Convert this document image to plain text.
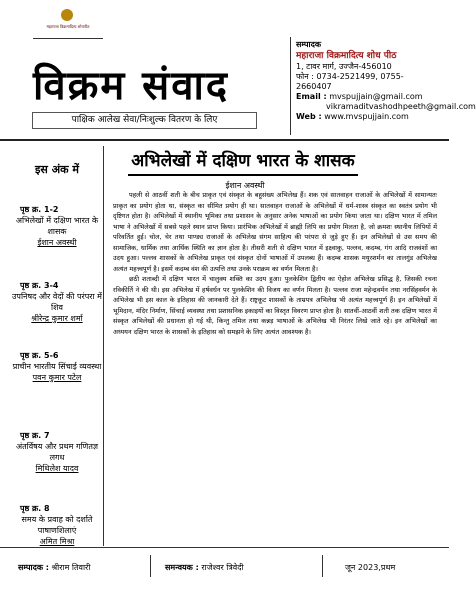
महाराजा विक्रमादित्य शोधपीठ
विक्रम संवाद
पाक्षिक आलेख सेवा/निःशुल्क वितरण के लिए
सम्पादक
महाराजा विक्रमादित्य शोध पीठ
1, टावर मार्ग, उज्जैन-456010
फोन : 0734-2521499, 0755-2660407
Email : mvspujjain@gmail.com
vikramaditvashodhpeeth@gmail.com
Web : www.mvspujjain.com
इस अंक में
पृष्ठ क्र. 1-2
अभिलेखों में दक्षिण भारत के शासक
ईशान अवस्थी
पृष्ठ क्र. 3-4
उपनिषद और वेदों की परंपरा में शिव
श्रीरेन्द्र कुमार शर्मा
पृष्ठ क्र. 5-6
प्राचीन भारतीय सिंचाई व्यवस्था
पवन कुमार पटेल
पृष्ठ क्र. 7
अंतर्विषय और प्रथम गणितज्ञ लगध
मिथिलेश यादव
पृष्ठ क्र. 8
समय के प्रवाह को दर्शाते पाषाणशिलाएं
अमित मिश्रा
अभिलेखों में दक्षिण भारत के शासक
ईशान अवस्थी

पहली से आठवीं शती के बीच प्राकृत एवं संस्कृत के बहुसंख्य अभिलेख हैं। शक एवं सातवाहन राजाओं के अभिलेखों में सामान्यतः प्राकृत का प्रयोग होता था, संस्कृत का सीमित प्रयोग ही था। सातवाहन राजाओं के अभिलेखों में धर्म-शास्त्र संस्कृत का स्वतंत्र प्रयोग भी दृष्टिगत होता है। अभिलेखों में स्थानीय भूमिका तथा प्रशासन के अनुसार अनेक भाषाओं का प्रयोग किया जाता था। दक्षिण भारत में तमिल भाषा ने अभिलेखों में सबसे पहले स्थान प्राप्त किया। प्रारंभिक अभिलेखों में ब्राह्मी लिपि का प्रयोग मिलता है, जो क्रमशः स्थानीय लिपियों में परिवर्तित हुई। चोल, चेर तथा पाण्ड्य राजाओं के अभिलेख संगम साहित्य की परंपरा से जुड़े हुए हैं। इन अभिलेखों से उस समय की सामाजिक, धार्मिक तथा आर्थिक स्थिति का ज्ञान होता है। तीसरी शती से दक्षिण भारत में इक्ष्वाकु, पल्लव, कदम्ब, गंग आदि राजवंशों का उदय हुआ। पल्लव शासकों के अभिलेख प्राकृत एवं संस्कृत दोनों भाषाओं में उपलब्ध हैं। कदम्ब शासक मयूरशर्मन का तालगुंड अभिलेख अत्यंत महत्त्वपूर्ण है। इसमें कदम्ब वंश की उत्पत्ति तथा उनके पराक्रम का वर्णन मिलता है।

छठी शताब्दी में दक्षिण भारत में चालुक्य शक्ति का उदय हुआ। पुलकेशिन द्वितीय का ऐहोल अभिलेख प्रसिद्ध है, जिसकी रचना रविकीर्ति ने की थी। इस अभिलेख में हर्षवर्धन पर पुलकेशिन की विजय का वर्णन मिलता है। पल्लव राजा महेन्द्रवर्मन तथा नरसिंहवर्मन के अभिलेख भी इस काल के इतिहास की जानकारी देते हैं। राष्ट्रकूट शासकों के ताम्रपत्र अभिलेख भी अत्यंत महत्त्वपूर्ण हैं। इन अभिलेखों में भूमिदान, मंदिर निर्माण, सिंचाई व्यवस्था तथा प्रशासनिक इकाइयों का विस्तृत विवरण प्राप्त होता है। सातवीं-आठवीं शती तक दक्षिण भारत में संस्कृत अभिलेखों की प्रधानता हो गई थी, किन्तु तमिल तथा कन्नड़ भाषाओं के अभिलेख भी निरंतर लिखे जाते रहे। इन अभिलेखों का अध्ययन दक्षिण भारत के शासकों के इतिहास को समझने के लिए अत्यंत आवश्यक है।

सम्पादक : श्रीराम तिवारी	समन्वयक : राजेश्वर त्रिवेदी	जून 2023,प्रथम
